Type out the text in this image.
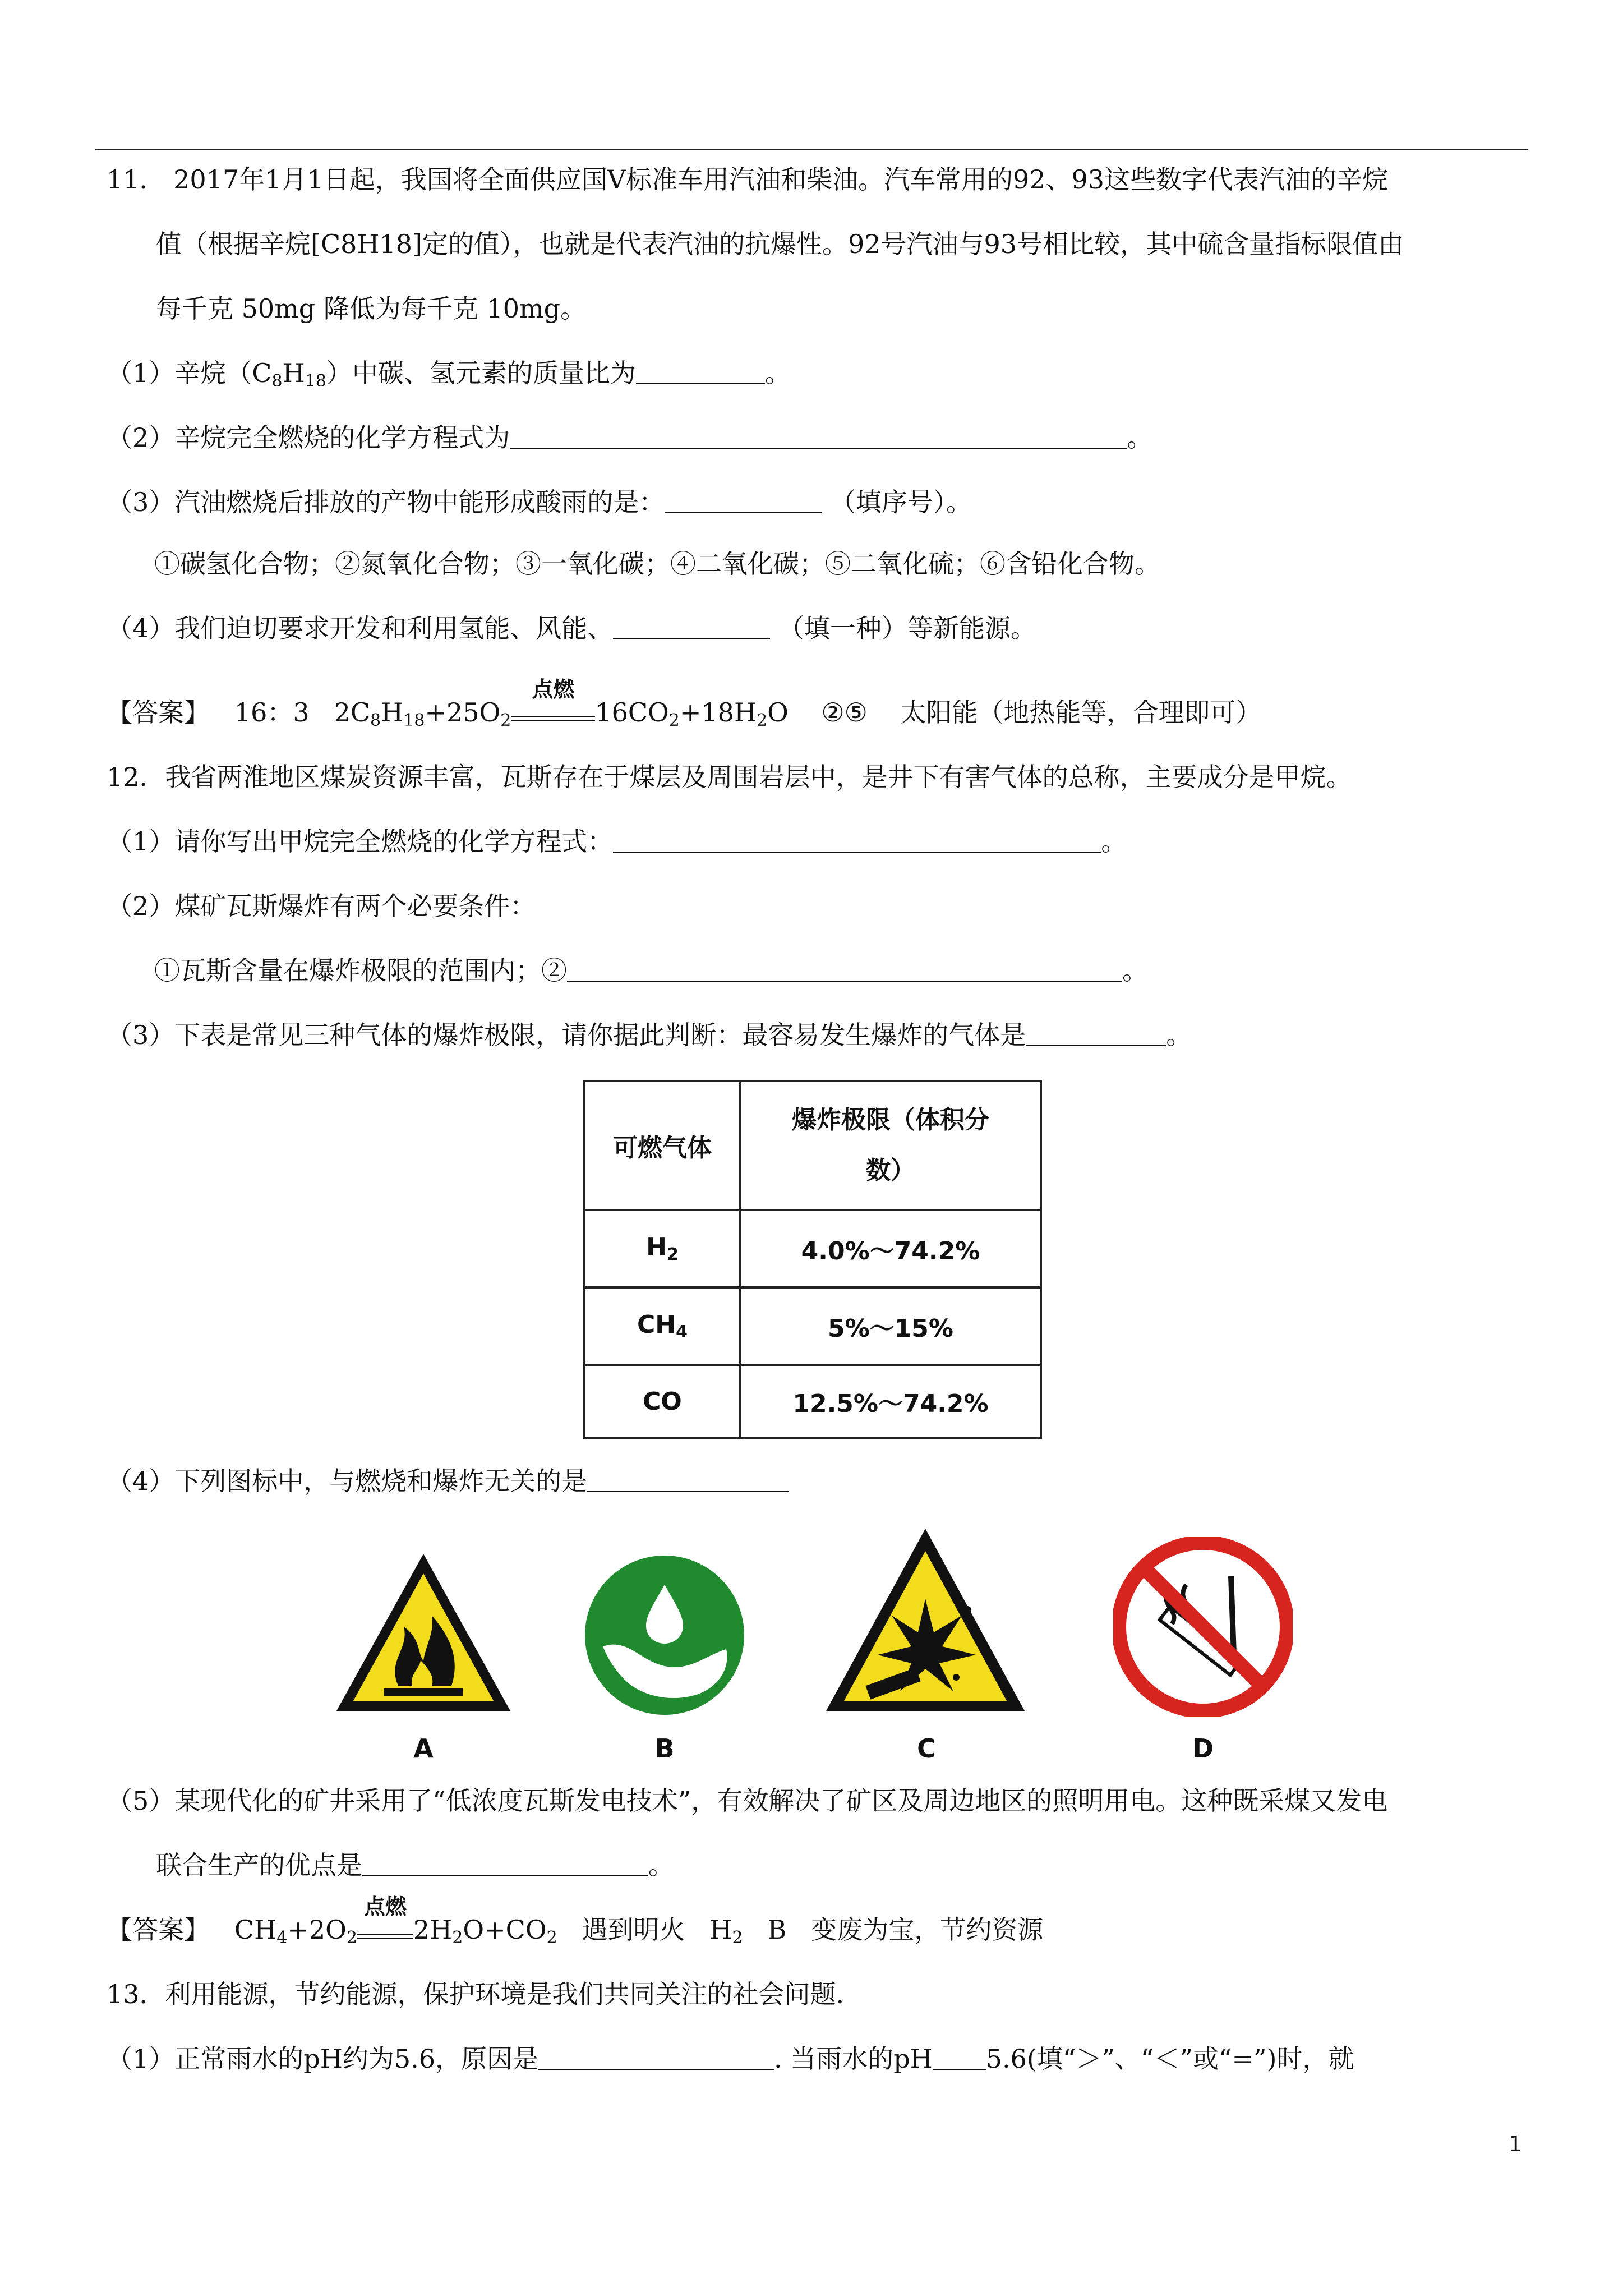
11． 2017年1月1日起，我国将全面供应国Ⅴ标准车用汽油和柴油。汽车常用的92、93这些数字代表汽油的辛烷
值（根据辛烷[C8H18]定的值），也就是代表汽油的抗爆性。92号汽油与93号相比较，其中硫含量指标限值由
每千克 50mg 降低为每千克 10mg。
（1）辛烷$(C_8H_{18})$中碳、氢元素的质量比为	。
（2）辛烷完全燃烧的化学方程式为	。
（3）汽油燃烧后排放的产物中能形成酸雨的是：	（填序号）。
①碳氢化合物；②氮氧化合物；③一氧化碳；④二氧化碳；⑤二氧化硫；⑥含铅化合物。
（4）我们迫切要求开发和利用氢能、风能、	（填一种）等新能源。
【答案】 16：3 $2C_8H_{18}+25O_2$
点燃
$16CO_2+18H_2O$ ②⑤ 太阳能（地热能等，合理即可）
12．我省两淮地区煤炭资源丰富，瓦斯存在于煤层及周围岩层中，是井下有害气体的总称，主要成分是甲烷。
（1）请你写出甲烷完全燃烧的化学方程式：	。
（2）煤矿瓦斯爆炸有两个必要条件：
①瓦斯含量在爆炸极限的范围内；②	。
（3）下表是常见三种气体的爆炸极限，请你据此判断：最容易发生爆炸的气体是	。
可燃气体	爆炸极限（体积分
数）
$H_2$	4.0%～74.2%
$CH_4$	5%～15%
CO	12.5%～74.2%
（4）下列图标中，与燃烧和爆炸无关的是
A	B	C	D
（5）某现代化的矿井采用了“低浓度瓦斯发电技术”，有效解决了矿区及周边地区的照明用电。这种既采煤又发电
联合生产的优点是	。
【答案】 $CH_4+2O_2$
点燃
$2H_2O+CO_2$ 遇到明火 $H_2$ B 变废为宝，节约资源
13．利用能源，节约能源，保护环境是我们共同关注的社会问题.
（1）正常雨水的pH约为5.6，原因是	. 当雨水的pH 5.6(填“＞”、“＜”或“=”)时，就
1
